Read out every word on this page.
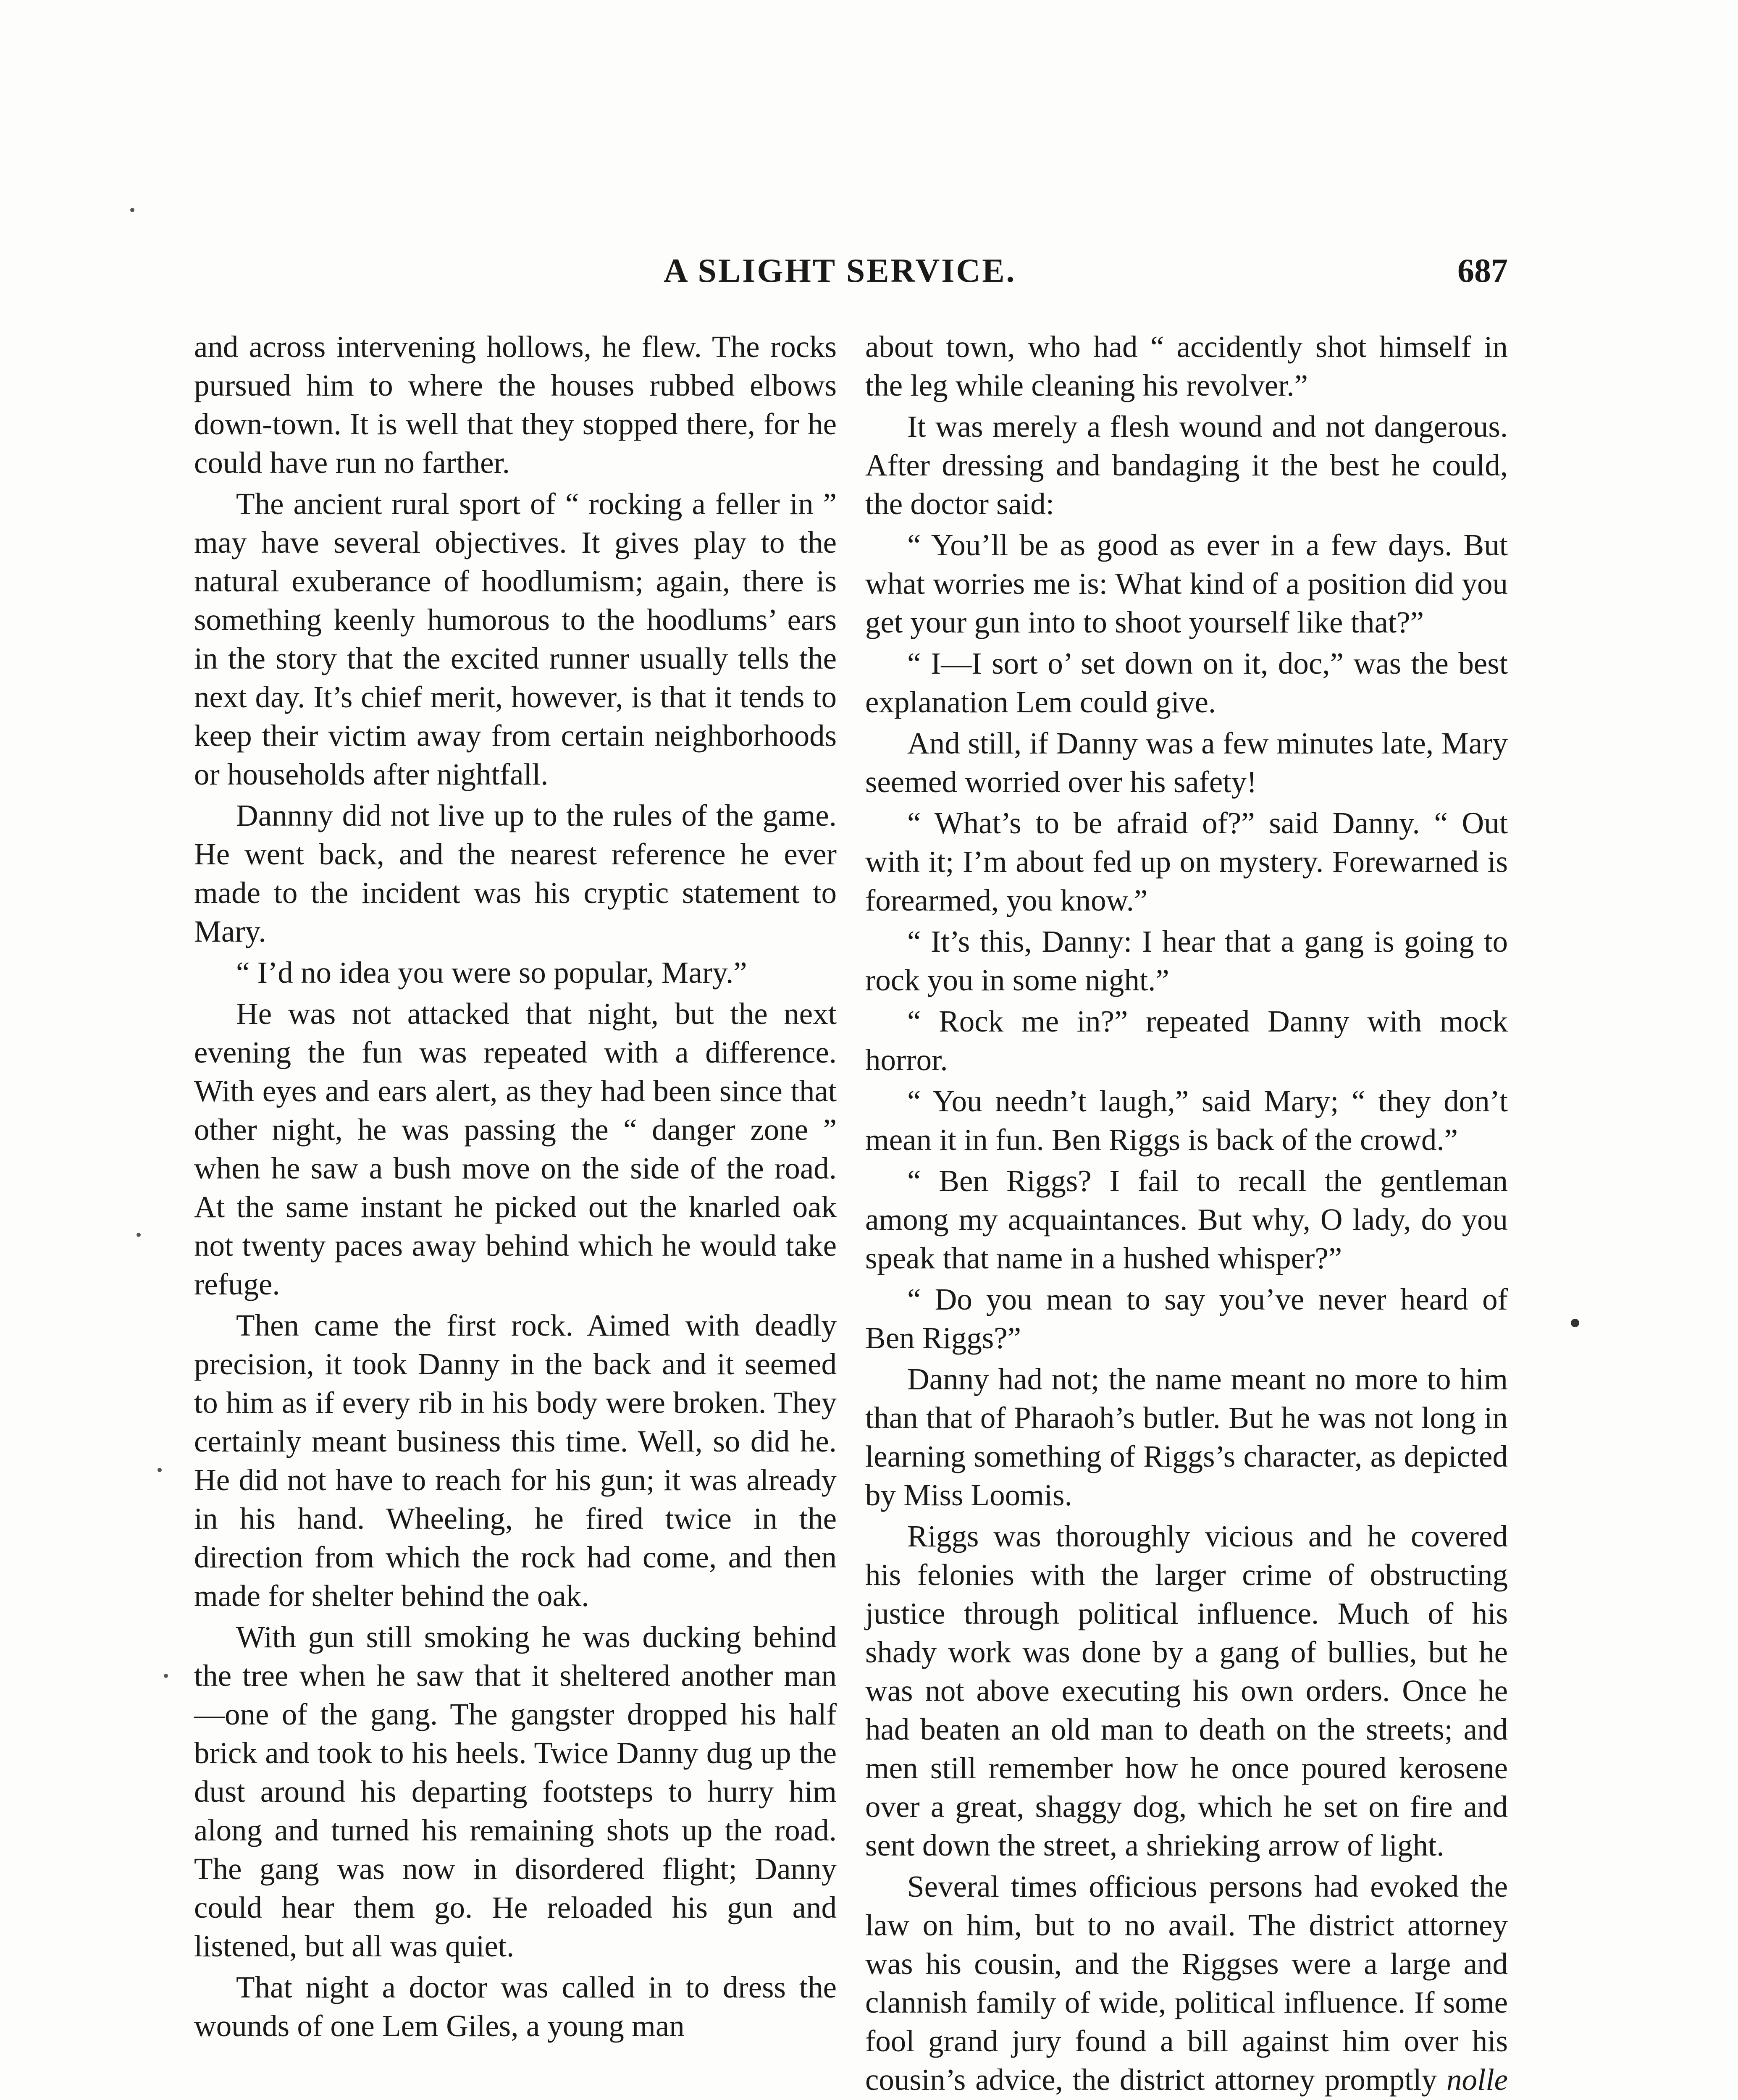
A SLIGHT SERVICE.	687

and across intervening hollows, he flew. The rocks pursued him to where the houses rubbed elbows down-town. It is well that they stopped there, for he could have run no farther.

The ancient rural sport of “ rocking a feller in ” may have several objectives. It gives play to the natural exuberance of hoodlumism; again, there is something keenly humorous to the hoodlums’ ears in the story that the excited runner usually tells the next day. It’s chief merit, however, is that it tends to keep their victim away from certain neighborhoods or households after nightfall.

Dannny did not live up to the rules of the game. He went back, and the nearest reference he ever made to the incident was his cryptic statement to Mary.

“ I’d no idea you were so popular, Mary.”

He was not attacked that night, but the next evening the fun was repeated with a difference. With eyes and ears alert, as they had been since that other night, he was passing the “ danger zone ” when he saw a bush move on the side of the road. At the same instant he picked out the knarled oak not twenty paces away behind which he would take refuge.

Then came the first rock. Aimed with deadly precision, it took Danny in the back and it seemed to him as if every rib in his body were broken. They certainly meant business this time. Well, so did he. He did not have to reach for his gun; it was already in his hand. Wheeling, he fired twice in the direction from which the rock had come, and then made for shelter behind the oak.

With gun still smoking he was ducking behind the tree when he saw that it sheltered another man—one of the gang. The gangster dropped his half brick and took to his heels. Twice Danny dug up the dust around his departing footsteps to hurry him along and turned his remaining shots up the road. The gang was now in disordered flight; Danny could hear them go. He reloaded his gun and listened, but all was quiet.

That night a doctor was called in to dress the wounds of one Lem Giles, a young man

about town, who had “ accidently shot himself in the leg while cleaning his revolver.”

It was merely a flesh wound and not dangerous. After dressing and bandaging it the best he could, the doctor said:

“ You’ll be as good as ever in a few days. But what worries me is: What kind of a position did you get your gun into to shoot yourself like that?”

“ I—I sort o’ set down on it, doc,” was the best explanation Lem could give.

And still, if Danny was a few minutes late, Mary seemed worried over his safety!

“ What’s to be afraid of?” said Danny. “ Out with it; I’m about fed up on mystery. Forewarned is forearmed, you know.”

“ It’s this, Danny: I hear that a gang is going to rock you in some night.”

“ Rock me in?” repeated Danny with mock horror.

“ You needn’t laugh,” said Mary; “ they don’t mean it in fun. Ben Riggs is back of the crowd.”

“ Ben Riggs? I fail to recall the gentleman among my acquaintances. But why, O lady, do you speak that name in a hushed whisper?”

“ Do you mean to say you’ve never heard of Ben Riggs?”

Danny had not; the name meant no more to him than that of Pharaoh’s butler. But he was not long in learning something of Riggs’s character, as depicted by Miss Loomis.

Riggs was thoroughly vicious and he covered his felonies with the larger crime of obstructing justice through political influence. Much of his shady work was done by a gang of bullies, but he was not above executing his own orders. Once he had beaten an old man to death on the streets; and men still remember how he once poured kerosene over a great, shaggy dog, which he set on fire and sent down the street, a shrieking arrow of light.

Several times officious persons had evoked the law on him, but to no avail. The district attorney was his cousin, and the Riggses were a large and clannish family of wide, political influence. If some fool grand jury found a bill against him over his cousin’s advice, the district attorney promptly nolle
